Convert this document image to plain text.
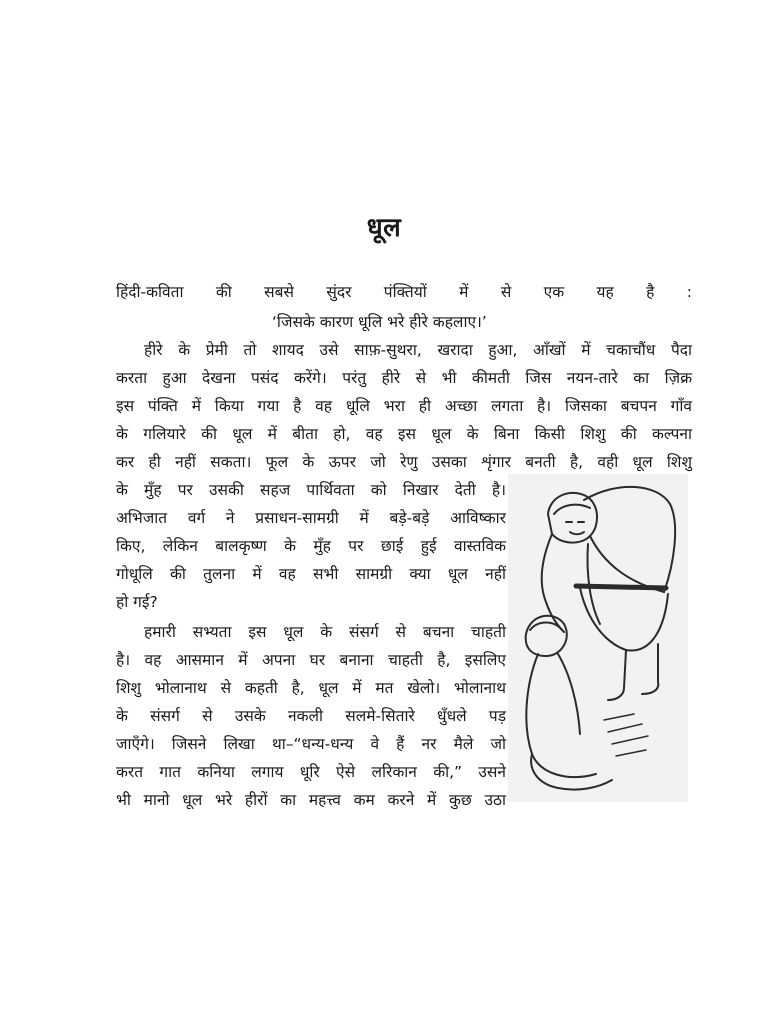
धूल
हिंदी-कविता की सबसे सुंदर पंक्तियों में से एक यह है :
‘जिसके कारण धूलि भरे हीरे कहलाए।’
हीरे के प्रेमी तो शायद उसे साफ़-सुथरा, खरादा हुआ, आँखों में चकाचौंध पैदा
करता हुआ देखना पसंद करेंगे। परंतु हीरे से भी कीमती जिस नयन-तारे का ज़िक्र
इस पंक्ति में किया गया है वह धूलि भरा ही अच्छा लगता है। जिसका बचपन गाँव
के गलियारे की धूल में बीता हो, वह इस धूल के बिना किसी शिशु की कल्पना
कर ही नहीं सकता। फूल के ऊपर जो रेणु उसका शृंगार बनती है, वही धूल शिशु
के मुँह पर उसकी सहज पार्थिवता को निखार देती है।
अभिजात वर्ग ने प्रसाधन-सामग्री में बड़े-बड़े आविष्कार
किए, लेकिन बालकृष्ण के मुँह पर छाई हुई वास्तविक
गोधूलि की तुलना में वह सभी सामग्री क्या धूल नहीं
हो गई?
हमारी सभ्यता इस धूल के संसर्ग से बचना चाहती
है। वह आसमान में अपना घर बनाना चाहती है, इसलिए
शिशु भोलानाथ से कहती है, धूल में मत खेलो। भोलानाथ
के संसर्ग से उसके नकली सलमे-सितारे धुँधले पड़
जाएँगे। जिसने लिखा था–“धन्य-धन्य वे हैं नर मैले जो
करत गात कनिया लगाय धूरि ऐसे लरिकान की,” उसने
भी मानो धूल भरे हीरों का महत्त्व कम करने में कुछ उठा
